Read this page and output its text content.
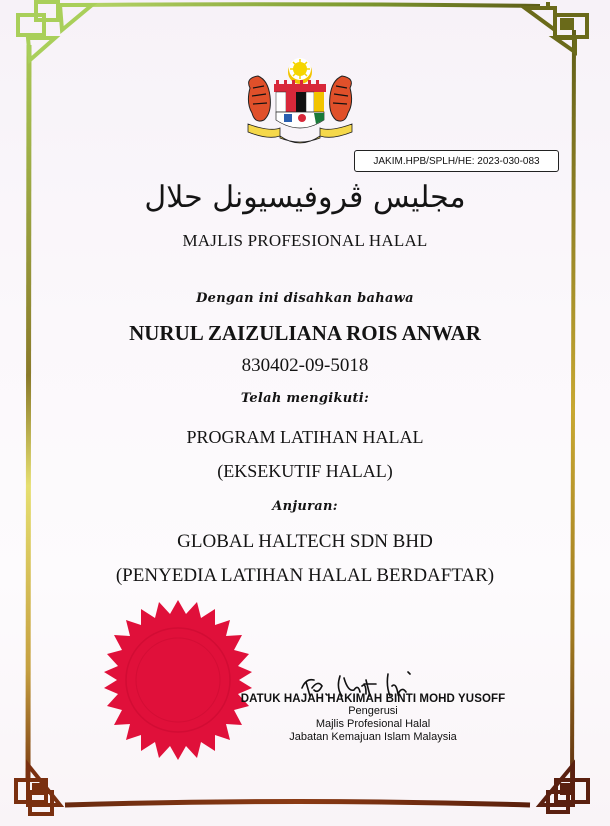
JAKIM.HPB/SPLH/HE: 2023-030-083
مجليس ڤروفيسيونل حلال
MAJLIS PROFESIONAL HALAL
Dengan ini disahkan bahawa
NURUL ZAIZULIANA ROIS ANWAR
830402-09-5018
Telah mengikuti:
PROGRAM LATIHAN HALAL
(EKSEKUTIF HALAL)
Anjuran:
GLOBAL HALTECH SDN BHD
(PENYEDIA LATIHAN HALAL BERDAFTAR)
DATUK HAJAH HAKIMAH BINTI MOHD YUSOFF
Pengerusi
Majlis Profesional Halal
Jabatan Kemajuan Islam Malaysia
